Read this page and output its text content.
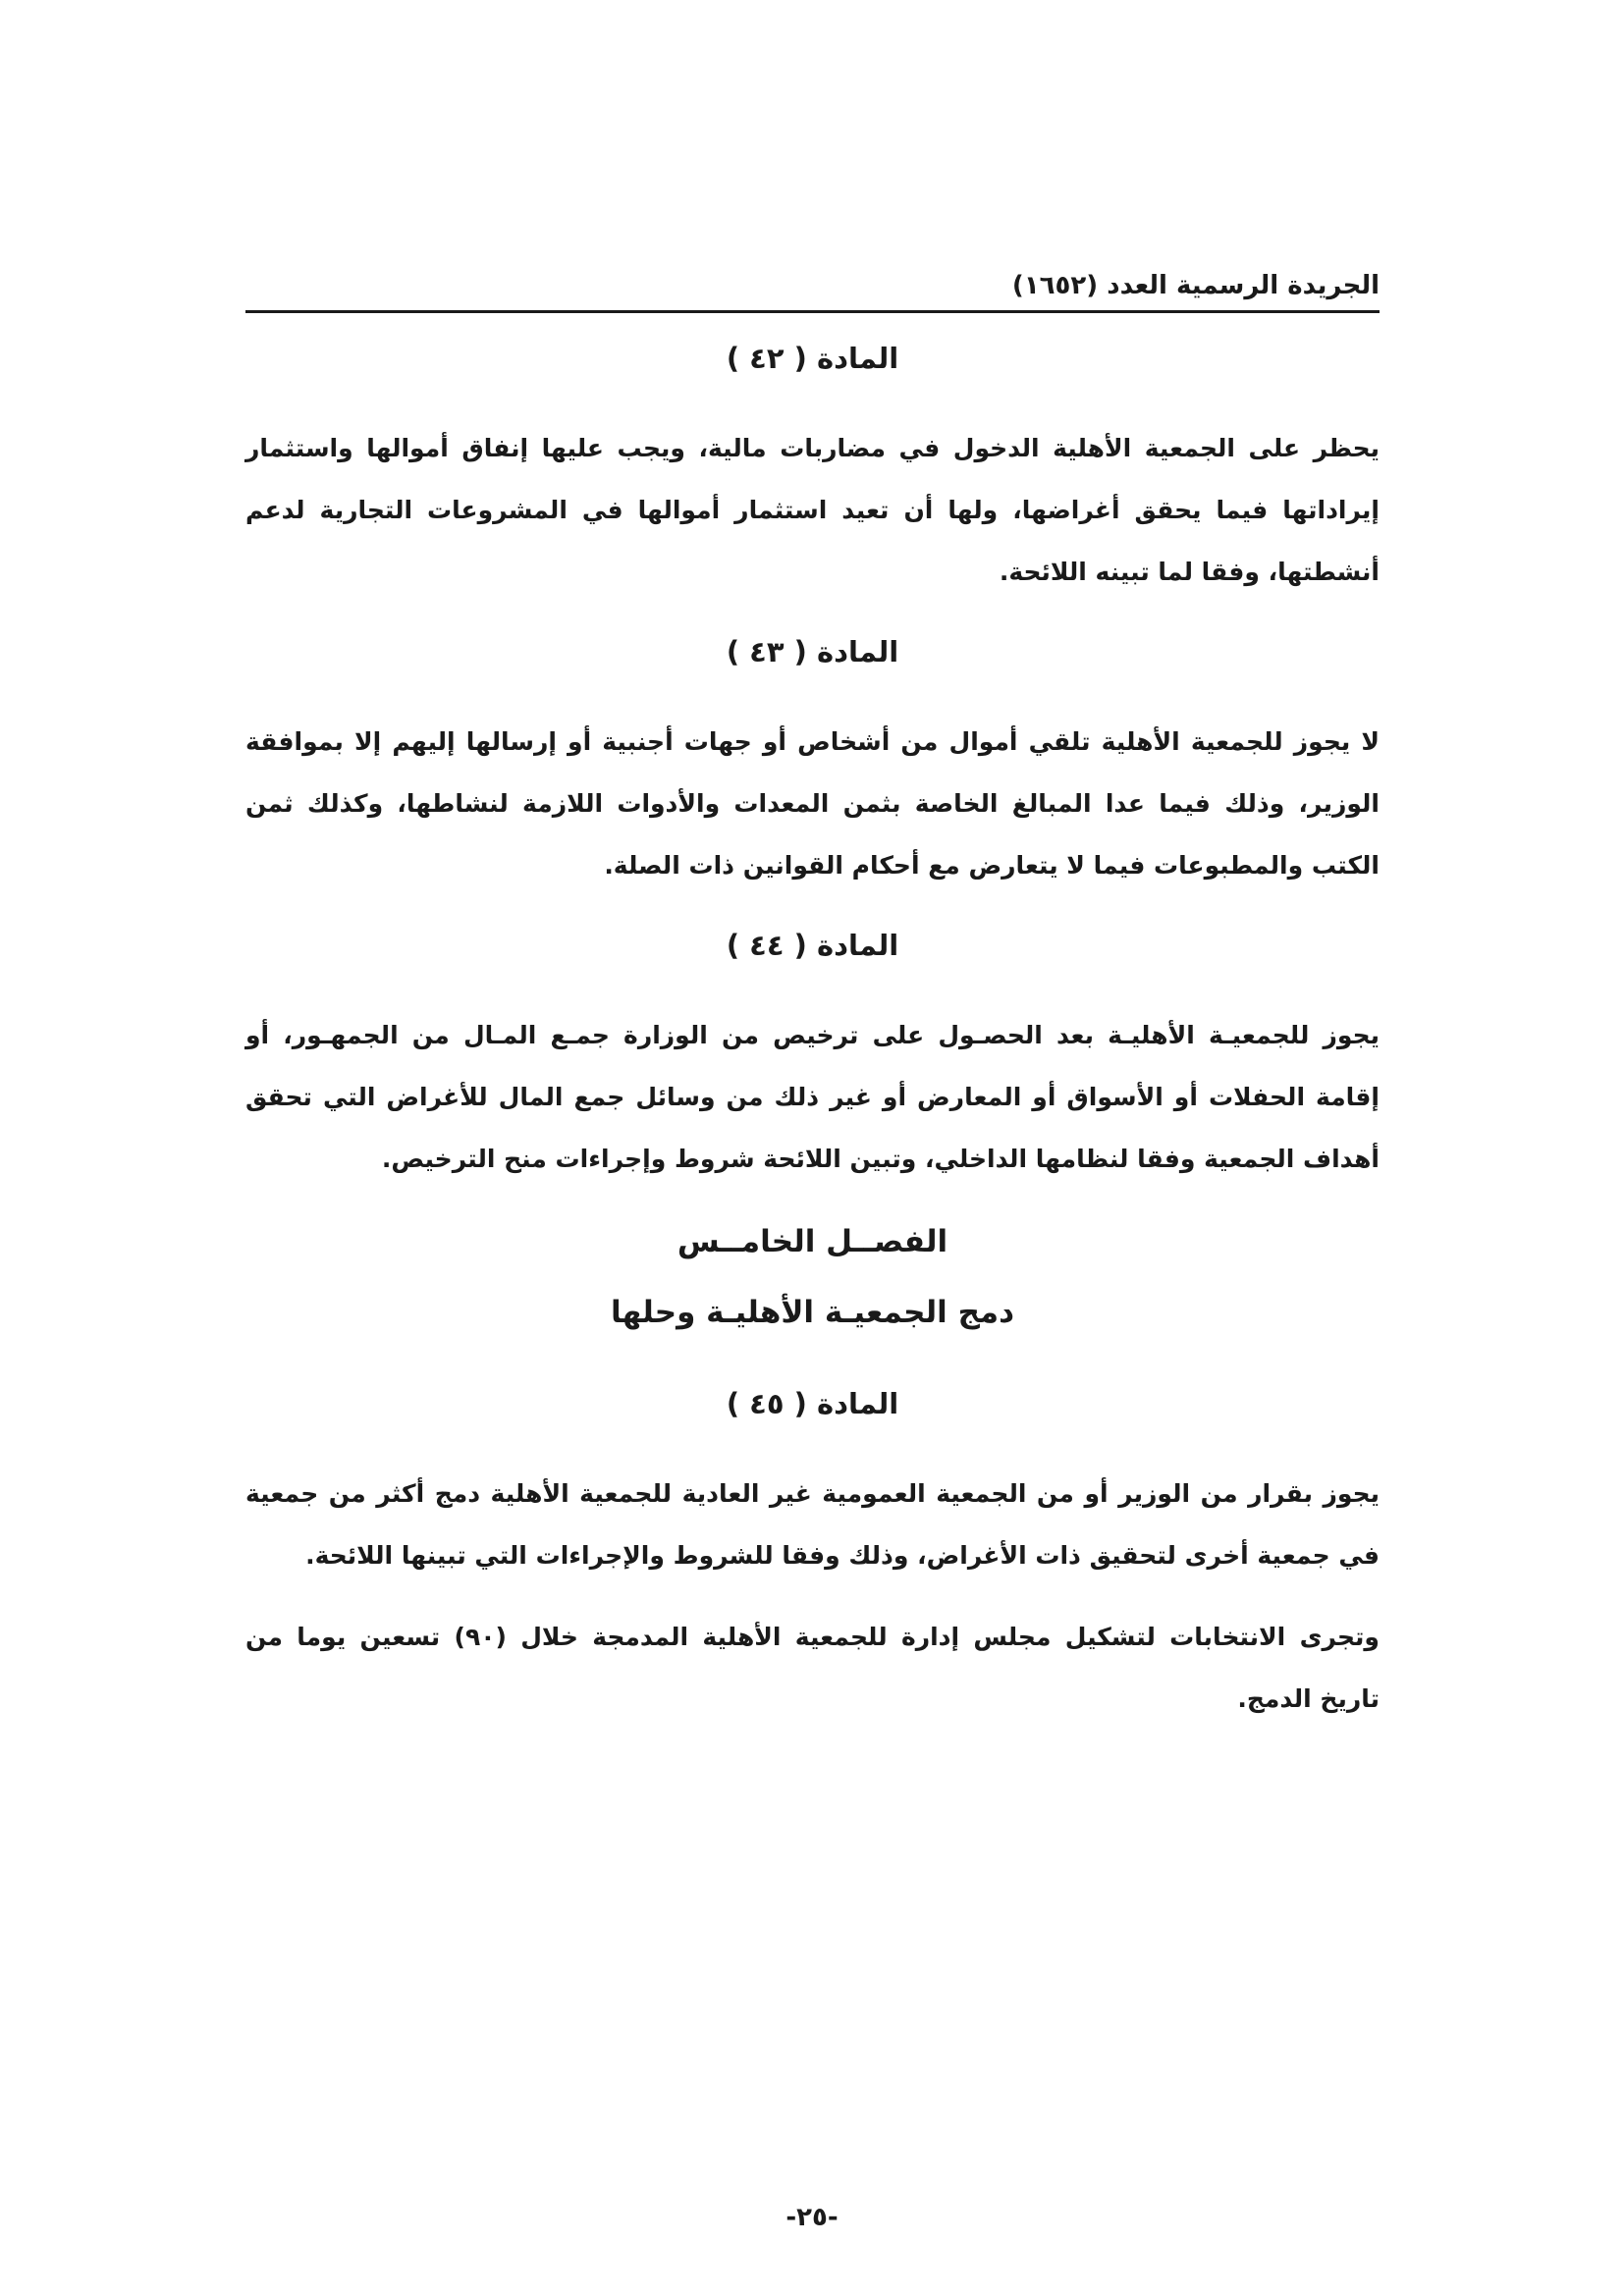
الجريدة الرسمية العدد (١٦٥٢)
المادة ( ٤٢ )

يحظر على الجمعية الأهلية الدخول في مضاربات مالية، ويجب عليها إنفاق أموالها واستثمار إيراداتها فيما يحقق أغراضها، ولها أن تعيد استثمار أموالها في المشروعات التجارية لدعم أنشطتها، وفقا لما تبينه اللائحة.

المادة ( ٤٣ )

لا يجوز للجمعية الأهلية تلقي أموال من أشخاص أو جهات أجنبية أو إرسالها إليهم إلا بموافقة الوزير، وذلك فيما عدا المبالغ الخاصة بثمن المعدات والأدوات اللازمة لنشاطها، وكذلك ثمن الكتب والمطبوعات فيما لا يتعارض مع أحكام القوانين ذات الصلة.

المادة ( ٤٤ )

يجوز للجمعيـة الأهليـة بعد الحصـول على ترخيص من الوزارة جمـع المـال من الجمهـور، أو إقامة الحفلات أو الأسواق أو المعارض أو غير ذلك من وسائل جمع المال للأغراض التي تحقق أهداف الجمعية وفقا لنظامها الداخلي، وتبين اللائحة شروط وإجراءات منح الترخيص.

الفصــل الخامــس
دمج الجمعيـة الأهليـة وحلها
المادة ( ٤٥ )

يجوز بقرار من الوزير أو من الجمعية العمومية غير العادية للجمعية الأهلية دمج أكثر من جمعية في جمعية أخرى لتحقيق ذات الأغراض، وذلك وفقا للشروط والإجراءات التي تبينها اللائحة.

وتجرى الانتخابات لتشكيل مجلس إدارة للجمعية الأهلية المدمجة خلال (٩٠) تسعين يوما من تاريخ الدمج.

-٢٥-
